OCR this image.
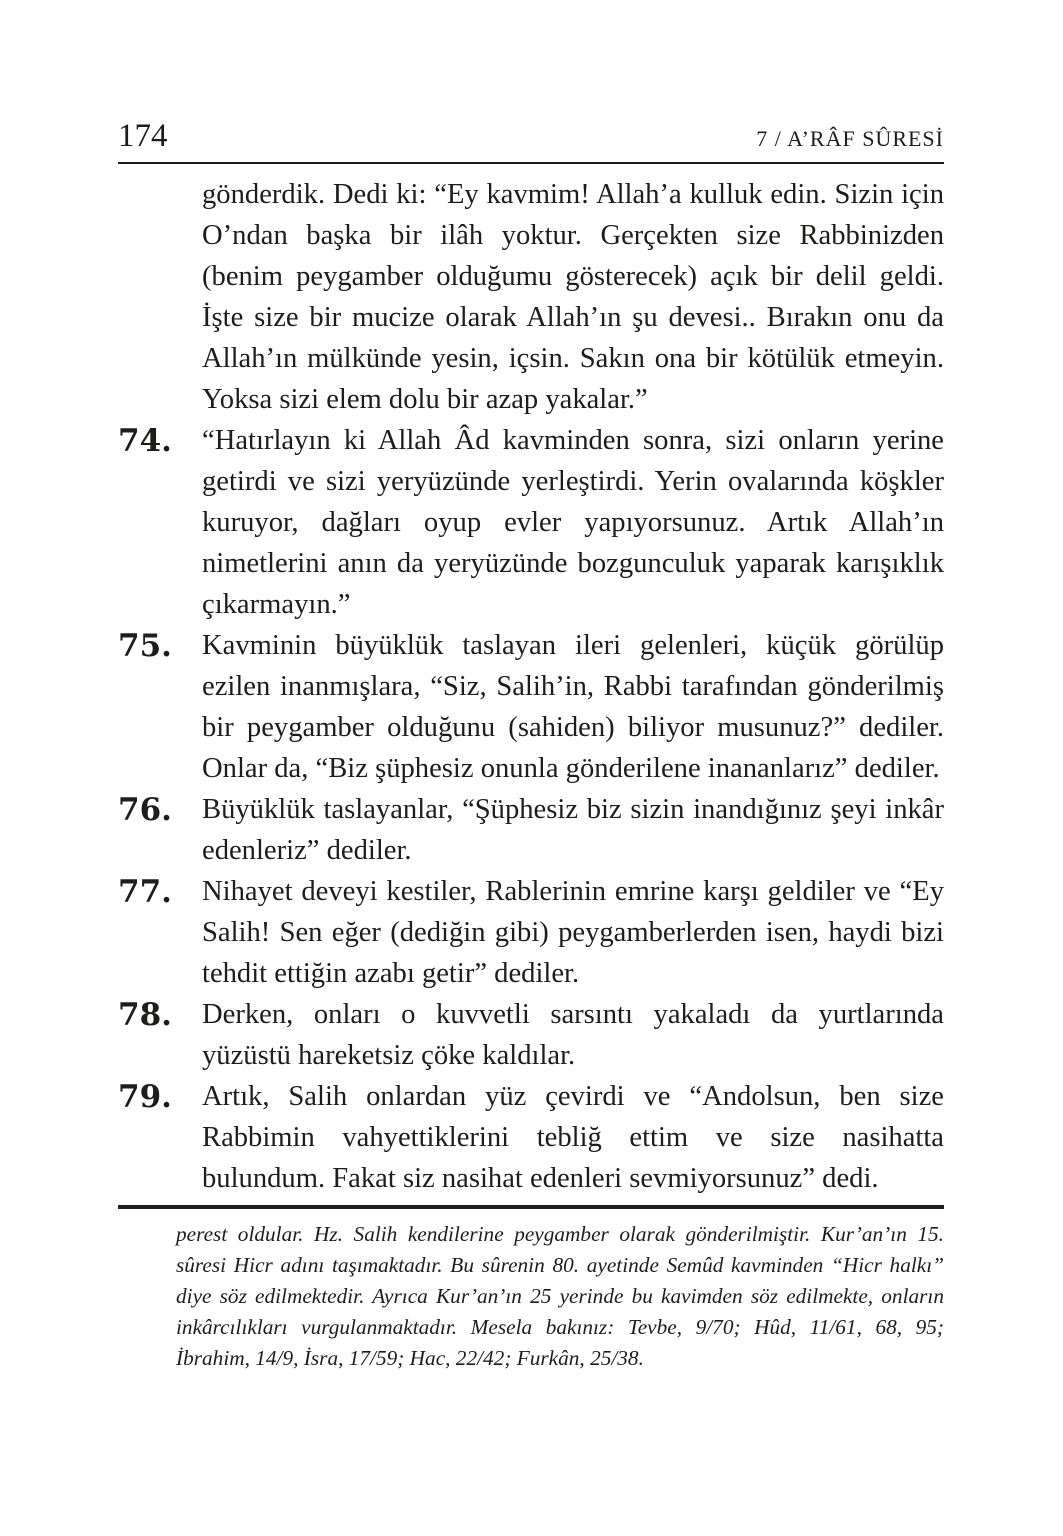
174	7 / A’RÂF SÛRESİ
gönderdik. Dedi ki: “Ey kavmim! Allah’a kulluk edin. Sizin için O’ndan başka bir ilâh yoktur. Gerçekten size Rabbinizden (benim peygamber olduğumu gösterecek) açık bir delil geldi. İşte size bir mucize olarak Allah’ın şu devesi.. Bırakın onu da Allah’ın mülkünde yesin, içsin. Sakın ona bir kötülük etmeyin. Yoksa sizi elem dolu bir azap yakalar.”
74. “Hatırlayın ki Allah Âd kavminden sonra, sizi onların yerine getirdi ve sizi yeryüzünde yerleştirdi. Yerin ovalarında köşkler kuruyor, dağları oyup evler yapıyorsunuz. Artık Allah’ın nimetlerini anın da yeryüzünde bozgunculuk yaparak karışıklık çıkarmayın.”
75. Kavminin büyüklük taslayan ileri gelenleri, küçük görülüp ezilen inanmışlara, “Siz, Salih’in, Rabbi tarafından gönderilmiş bir peygamber olduğunu (sahiden) biliyor musunuz?” dediler. Onlar da, “Biz şüphesiz onunla gönderilene inananlarız” dediler.
76. Büyüklük taslayanlar, “Şüphesiz biz sizin inandığınız şeyi inkâr edenleriz” dediler.
77. Nihayet deveyi kestiler, Rablerinin emrine karşı geldiler ve “Ey Salih! Sen eğer (dediğin gibi) peygamberlerden isen, haydi bizi tehdit ettiğin azabı getir” dediler.
78. Derken, onları o kuvvetli sarsıntı yakaladı da yurtlarında yüzüstü hareketsiz çöke kaldılar.
79. Artık, Salih onlardan yüz çevirdi ve “Andolsun, ben size Rabbimin vahyettiklerini tebliğ ettim ve size nasihatta bulundum. Fakat siz nasihat edenleri sevmiyorsunuz” dedi.
perest oldular. Hz. Salih kendilerine peygamber olarak gönderilmiştir. Kur’an’ın 15. sûresi Hicr adını taşımaktadır. Bu sûrenin 80. ayetinde Semûd kavminden “Hicr halkı” diye söz edilmektedir. Ayrıca Kur’an’ın 25 yerinde bu kavimden söz edilmekte, onların inkârcılıkları vurgulanmaktadır. Mesela bakınız: Tevbe, 9/70; Hûd, 11/61, 68, 95; İbrahim, 14/9, İsra, 17/59; Hac, 22/42; Furkân, 25/38.
